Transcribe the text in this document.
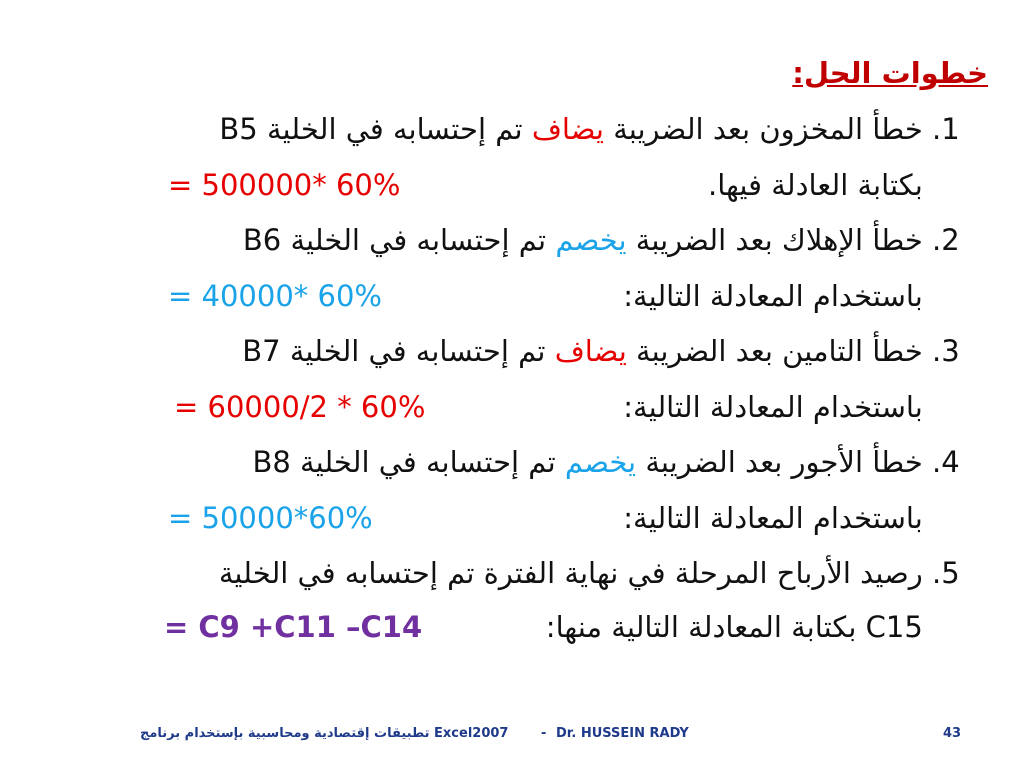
خطوات الحل:
.1 خطأ المخزون بعد الضريبة يضاف تم إحتسابه في الخلية B5
بكتابة العادلة فيها.
= 500000* 60%
.2 خطأ الإهلاك بعد الضريبة يخصم تم إحتسابه في الخلية B6
باستخدام المعادلة التالية:
= 40000* 60%
.3 خطأ التامين بعد الضريبة يضاف تم إحتسابه في الخلية B7
باستخدام المعادلة التالية:
= 60000/2 * 60%
.4 خطأ الأجور بعد الضريبة يخصم تم إحتسابه في الخلية B8
باستخدام المعادلة التالية:
= 50000*60%
.5 رصيد الأرباح المرحلة في نهاية الفترة تم إحتسابه في الخلية
C15 بكتابة المعادلة التالية منها:
= C9 +C11 –C14
Excel2007 تطبيقات إقتصادية ومحاسبية بإستخدام برنامج	- Dr. HUSSEIN RADY	43
